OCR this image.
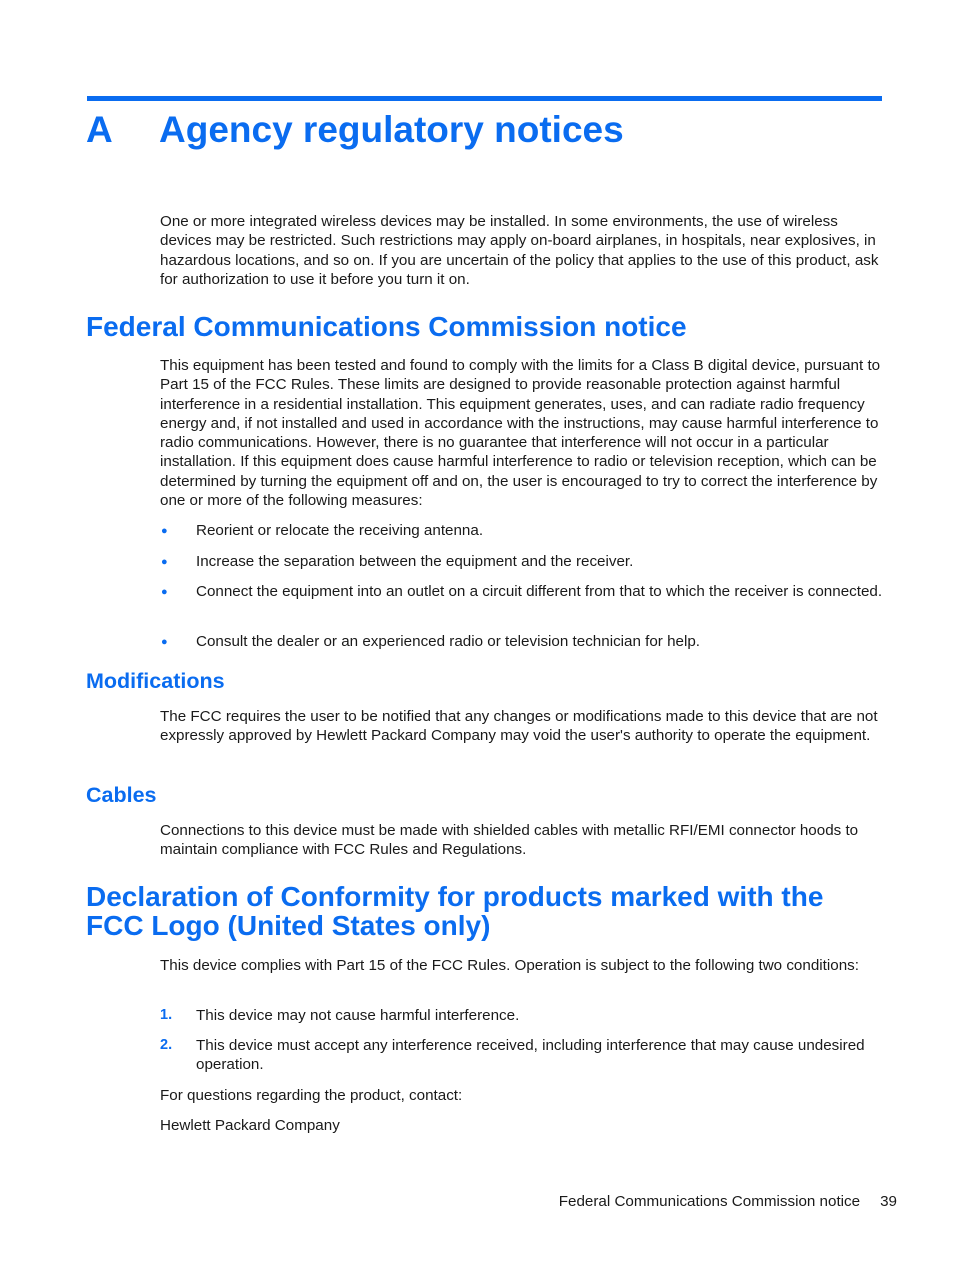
A Agency regulatory notices

One or more integrated wireless devices may be installed. In some environments, the use of wireless devices may be restricted. Such restrictions may apply on-board airplanes, in hospitals, near explosives, in hazardous locations, and so on. If you are uncertain of the policy that applies to the use of this product, ask for authorization to use it before you turn it on.

Federal Communications Commission notice

This equipment has been tested and found to comply with the limits for a Class B digital device, pursuant to Part 15 of the FCC Rules. These limits are designed to provide reasonable protection against harmful interference in a residential installation. This equipment generates, uses, and can radiate radio frequency energy and, if not installed and used in accordance with the instructions, may cause harmful interference to radio communications. However, there is no guarantee that interference will not occur in a particular installation. If this equipment does cause harmful interference to radio or television reception, which can be determined by turning the equipment off and on, the user is encouraged to try to correct the interference by one or more of the following measures:

● Reorient or relocate the receiving antenna.
● Increase the separation between the equipment and the receiver.
● Connect the equipment into an outlet on a circuit different from that to which the receiver is connected.
● Consult the dealer or an experienced radio or television technician for help.
Modifications

The FCC requires the user to be notified that any changes or modifications made to this device that are not expressly approved by Hewlett Packard Company may void the user's authority to operate the equipment.

Cables

Connections to this device must be made with shielded cables with metallic RFI/EMI connector hoods to maintain compliance with FCC Rules and Regulations.

Declaration of Conformity for products marked with the
FCC Logo (United States only)

This device complies with Part 15 of the FCC Rules. Operation is subject to the following two conditions:

1. This device may not cause harmful interference.
2. This device must accept any interference received, including interference that may cause undesired operation.

For questions regarding the product, contact:

Hewlett Packard Company

Federal Communications Commission notice 39
